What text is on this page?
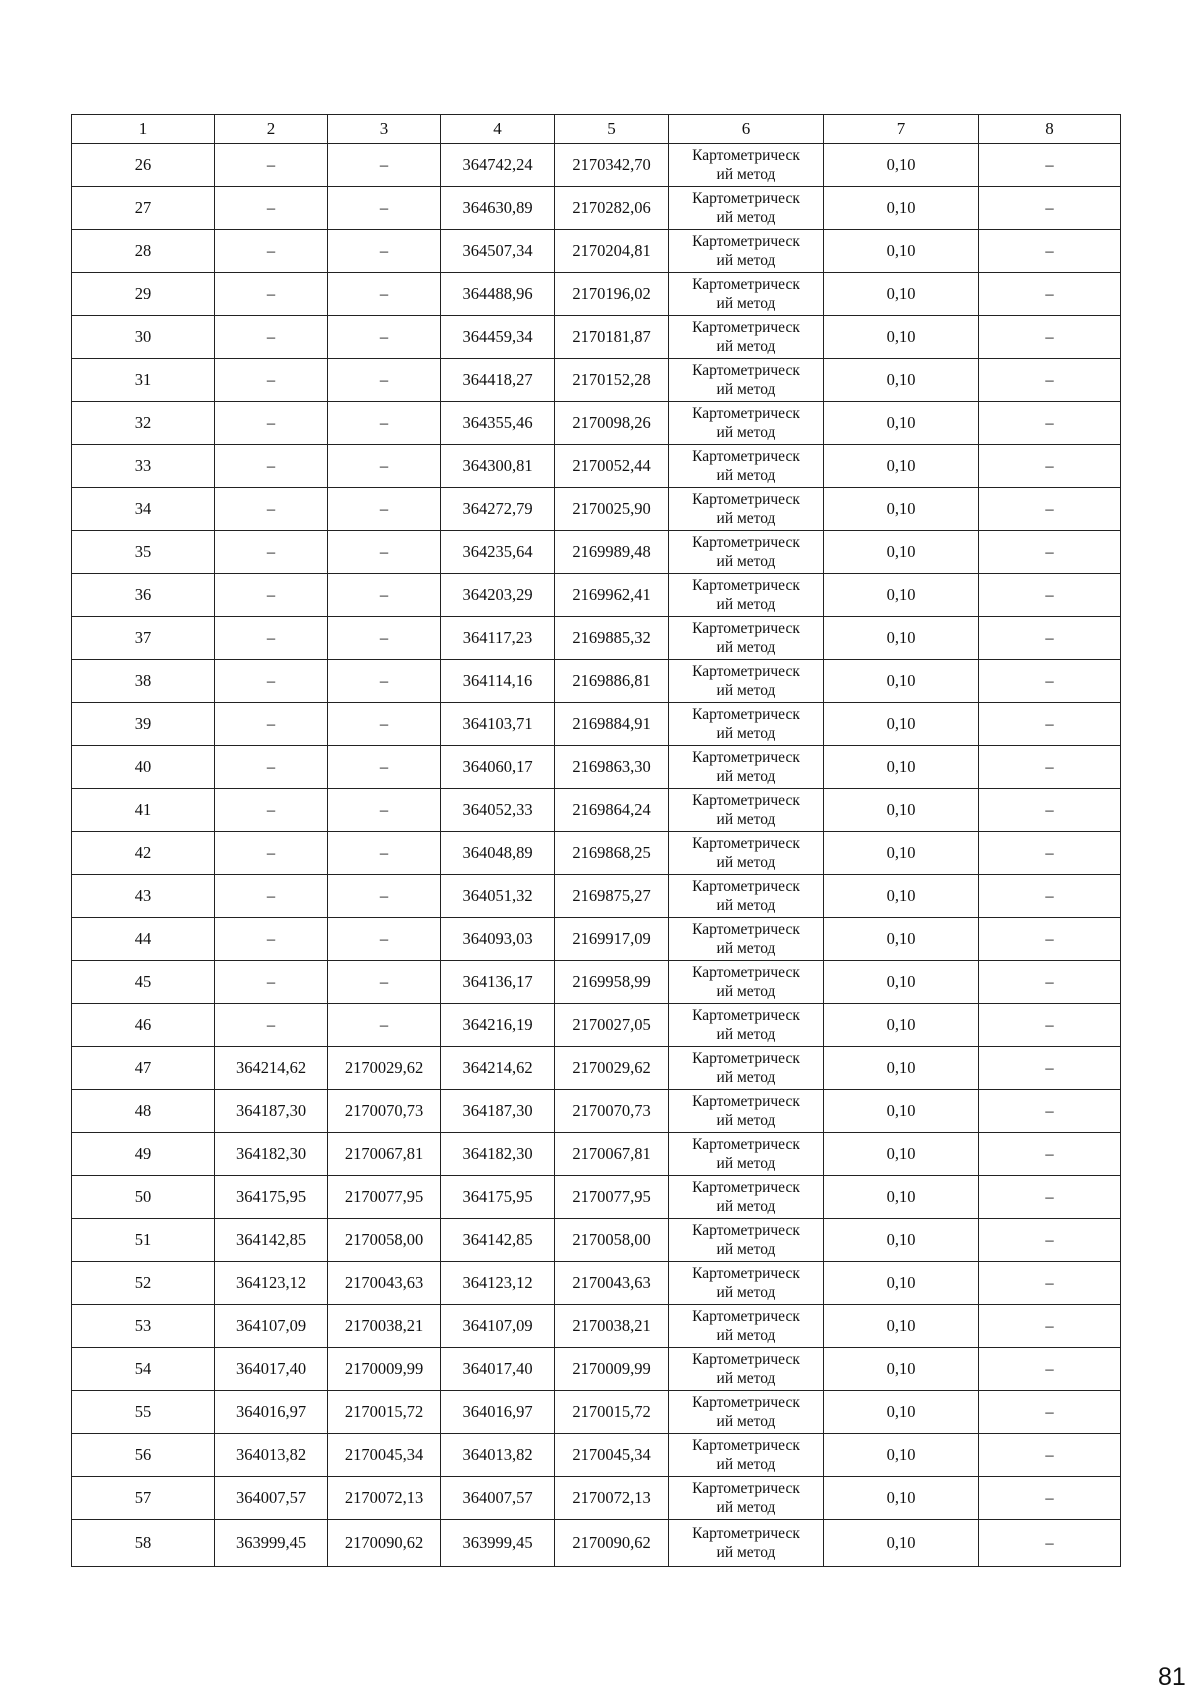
1	2	3	4	5	6	7	8
26	–	–	364742,24	2170342,70	Картометрическ
ий метод	0,10	–
27	–	–	364630,89	2170282,06	Картометрическ
ий метод	0,10	–
28	–	–	364507,34	2170204,81	Картометрическ
ий метод	0,10	–
29	–	–	364488,96	2170196,02	Картометрическ
ий метод	0,10	–
30	–	–	364459,34	2170181,87	Картометрическ
ий метод	0,10	–
31	–	–	364418,27	2170152,28	Картометрическ
ий метод	0,10	–
32	–	–	364355,46	2170098,26	Картометрическ
ий метод	0,10	–
33	–	–	364300,81	2170052,44	Картометрическ
ий метод	0,10	–
34	–	–	364272,79	2170025,90	Картометрическ
ий метод	0,10	–
35	–	–	364235,64	2169989,48	Картометрическ
ий метод	0,10	–
36	–	–	364203,29	2169962,41	Картометрическ
ий метод	0,10	–
37	–	–	364117,23	2169885,32	Картометрическ
ий метод	0,10	–
38	–	–	364114,16	2169886,81	Картометрическ
ий метод	0,10	–
39	–	–	364103,71	2169884,91	Картометрическ
ий метод	0,10	–
40	–	–	364060,17	2169863,30	Картометрическ
ий метод	0,10	–
41	–	–	364052,33	2169864,24	Картометрическ
ий метод	0,10	–
42	–	–	364048,89	2169868,25	Картометрическ
ий метод	0,10	–
43	–	–	364051,32	2169875,27	Картометрическ
ий метод	0,10	–
44	–	–	364093,03	2169917,09	Картометрическ
ий метод	0,10	–
45	–	–	364136,17	2169958,99	Картометрическ
ий метод	0,10	–
46	–	–	364216,19	2170027,05	Картометрическ
ий метод	0,10	–
47	364214,62	2170029,62	364214,62	2170029,62	Картометрическ
ий метод	0,10	–
48	364187,30	2170070,73	364187,30	2170070,73	Картометрическ
ий метод	0,10	–
49	364182,30	2170067,81	364182,30	2170067,81	Картометрическ
ий метод	0,10	–
50	364175,95	2170077,95	364175,95	2170077,95	Картометрическ
ий метод	0,10	–
51	364142,85	2170058,00	364142,85	2170058,00	Картометрическ
ий метод	0,10	–
52	364123,12	2170043,63	364123,12	2170043,63	Картометрическ
ий метод	0,10	–
53	364107,09	2170038,21	364107,09	2170038,21	Картометрическ
ий метод	0,10	–
54	364017,40	2170009,99	364017,40	2170009,99	Картометрическ
ий метод	0,10	–
55	364016,97	2170015,72	364016,97	2170015,72	Картометрическ
ий метод	0,10	–
56	364013,82	2170045,34	364013,82	2170045,34	Картометрическ
ий метод	0,10	–
57	364007,57	2170072,13	364007,57	2170072,13	Картометрическ
ий метод	0,10	–
58	363999,45	2170090,62	363999,45	2170090,62	Картометрическ
ий метод	0,10	–
81
